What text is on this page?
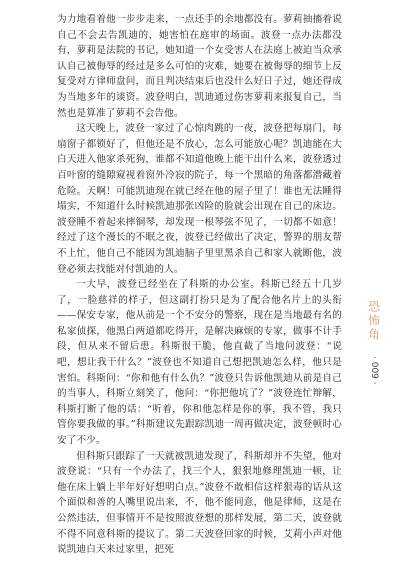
为力地看着他一步步走来，一点还手的余地都没有。萝莉抽搐着说自己不会去告凯迪的，她害怕在庭审的场面。波登一点办法都没有，萝莉是法院的书记，她知道一个女受害人在法庭上被迫当众承认自己被侮辱的经过是多么可怕的灾难，她要在被侮辱的细节上反复受对方律师盘问，而且判决结束后也没什么好日子过，她还得成为当地多年的谈资。波登明白，凯迪通过伤害萝莉来报复自己，当然也是算准了萝莉不会告他。

这天晚上，波登一家过了心惊肉跳的一夜，波登把每扇门，每扇窗子都锁好了，但他还是不放心，怎么可能放心呢？凯迪能在大白天进入他家杀死狗，谁都不知道他晚上能干出什么来，波登透过百叶窗的缝隙窥视着窗外冷寂的院子，每一个黑暗的角落都潜藏着危险。天啊！可能凯迪现在就已经在他的屋子里了！谁也无法睡得塌实，不知道什么时候凯迪那张凶险的脸就会出现在自己的床边。波登睡不着起来摔铜琴，却发现一根琴弦不见了，一切都不如意！经过了这个漫长的不眠之夜，波登已经做出了决定，警界的朋友帮不上忙，他自己不能因为凯迪脑子里里黑杀自己和家人就断他，波登必须去找能对付凯迪的人。

一大早，波登已经坐在了科斯的办公室。科斯已经五十几岁了，一脸慈祥的样子，但这副打扮只是为了配合他名片上的头衔——保安专家，他从前是一个不安分的警察，现在是当地最有名的私家侦探，他黑白两道都吃得开，是解决麻烦的专家，做事不计手段，但从来不留后患。科斯很干脆，他直截了当地问波登：“说吧，想让我干什么？”波登也不知道自己想把凯迪怎么样，他只是害怕。科斯问：“你和他有什么仇？”波登只告诉他凯迪从前是自己的当事人，科斯立刻笑了，他问：“你把他坑了？”波登连忙辩解，科斯打断了他的话：“听着，你和他怎样是你的事，我不管，我只管你要我做的事。”科斯建议先跟踪凯迪一周再做决定，波登顿时心安了不少。

但科斯只跟踪了一天就被凯迪发现了，科斯却并不失望，他对波登说：“只有一个办法了，找三个人，狠狠地修理凯迪一顿，让他在床上躺上半年好好想明白点。”波登不敢相信这样狠毒的话从这个面似和善的人嘴里说出来，不，他不能同意，他是律师，这是在公然违法，但事情开不是按照波登想的那样发展，第二天，波登就不得不同意科斯的提议了。第二天波登回家的时候，艾莉小声对他说凯迪白天来过家里，把死

恐怖角
· 009 ·
